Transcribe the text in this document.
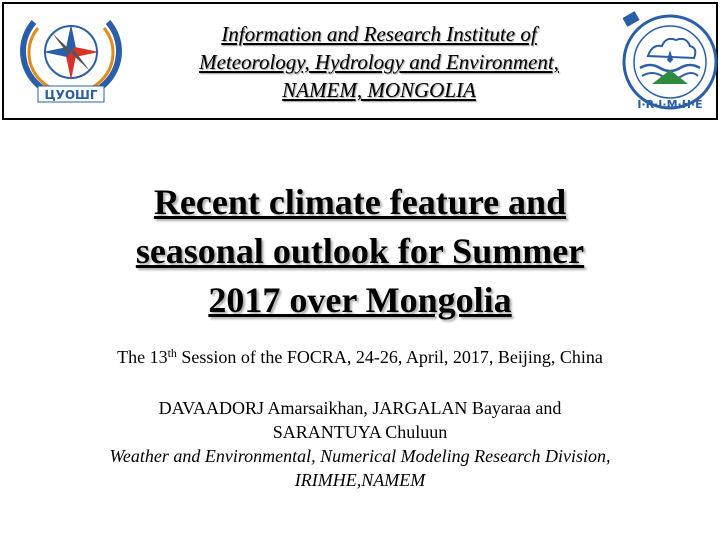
ЦУОШГ
Information and Research Institute of
Meteorology, Hydrology and Environment,
NAMEM, MONGOLIA
I·R·I·M·H·E
Recent climate feature and
seasonal outlook for Summer
2017 over Mongolia
The 13th Session of the FOCRA, 24-26, April, 2017, Beijing, China
DAVAADORJ Amarsaikhan, JARGALAN Bayaraa and
SARANTUYA Chuluun
Weather and Environmental, Numerical Modeling Research Division,
IRIMHE,NAMEM
